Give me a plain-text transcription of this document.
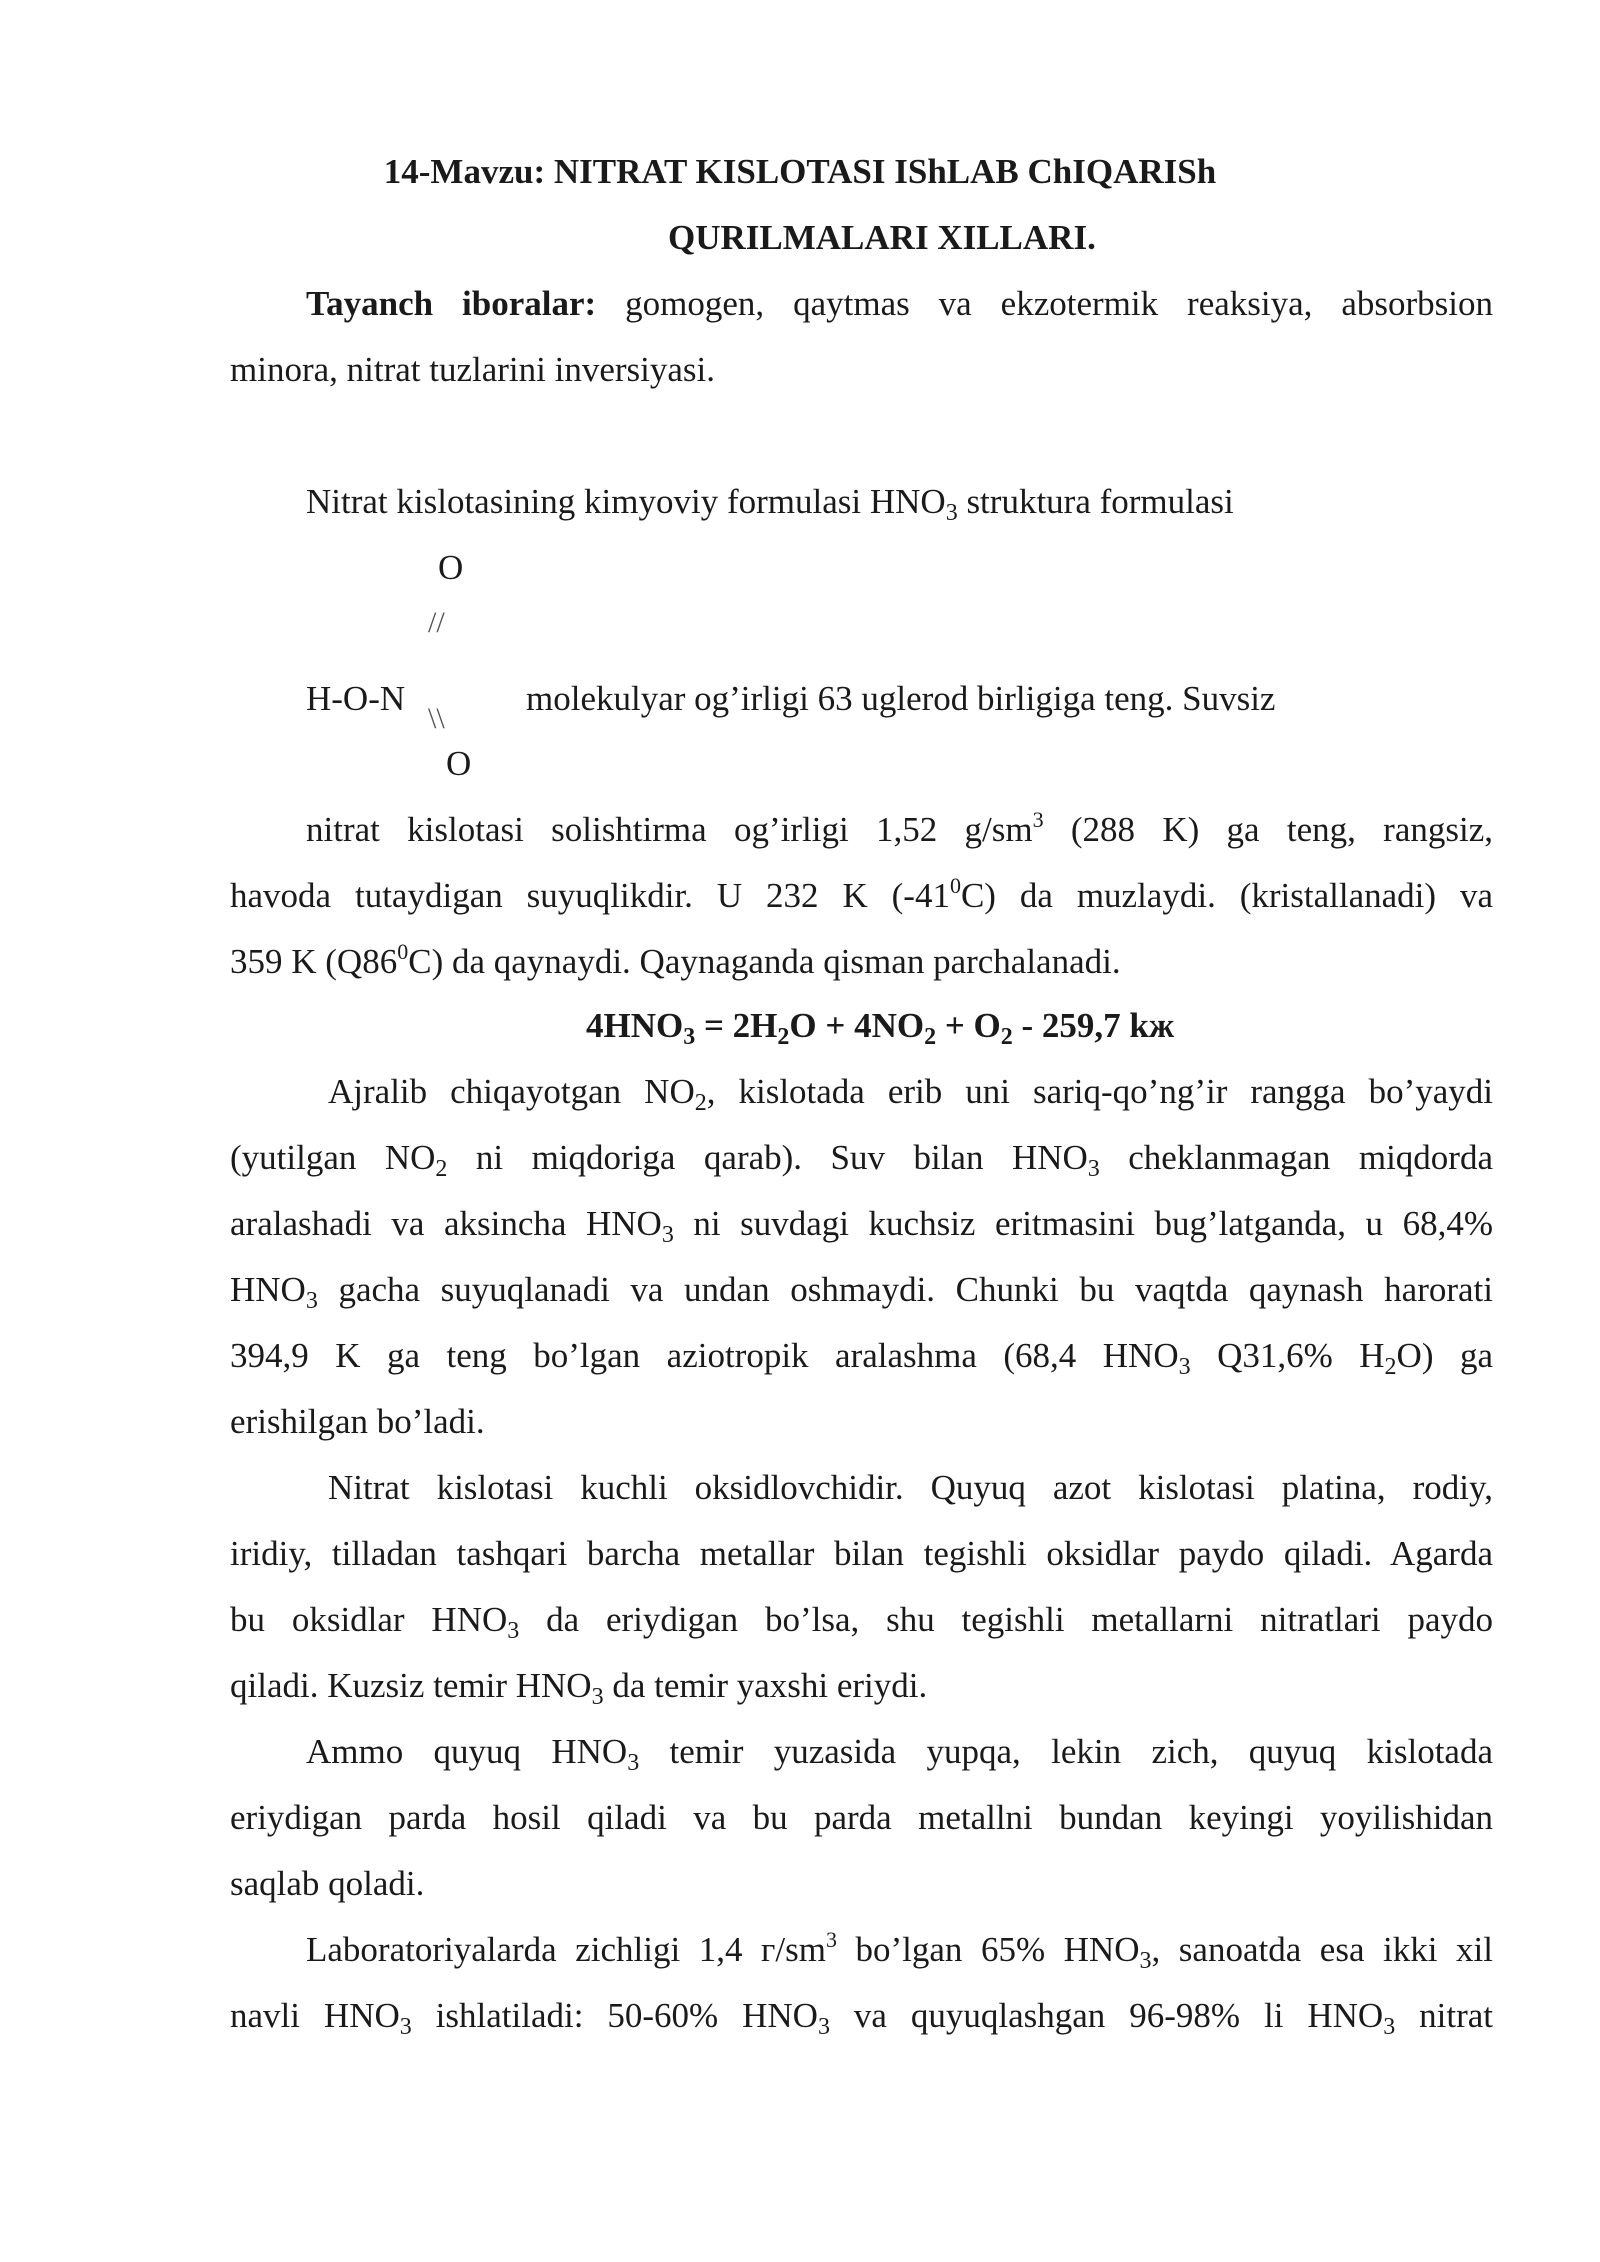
14-Mavzu: NITRAT KISLOTASI IShLAB ChIQARISh
QURILMALARI XILLARI.
Tayanch iboralar: gomogen, qaytmas va ekzotermik reaksiya, absorbsion
minora, nitrat tuzlarini inversiyasi.
Nitrat kislotasining kimyoviy formulasi $HNO_3$ struktura formulasi
O
//
H-O-N
\\
O
molekulyar og’irligi 63 uglerod birligiga teng. Suvsiz
nitrat kislotasi solishtirma og’irligi 1,52 $g/sm^3$ (288 K) ga teng, rangsiz,
havoda tutaydigan suyuqlikdir. U 232 K $(-41^0C)$ da muzlaydi. (kristallanadi) va
359 K $(Q86^0C)$ da qaynaydi. Qaynaganda qisman parchalanadi.
$4HNO_3 = 2H_2O + 4NO_2 + O_2 - 259,7$ kж
Ajralib chiqayotgan $NO_2$, kislotada erib uni sariq-qo’ng’ir rangga bo’yaydi
(yutilgan $NO_2$ ni miqdoriga qarab). Suv bilan $HNO_3$ cheklanmagan miqdorda
aralashadi va aksincha $HNO_3$ ni suvdagi kuchsiz eritmasini bug’latganda, u 68,4%
$HNO_3$ gacha suyuqlanadi va undan oshmaydi. Chunki bu vaqtda qaynash harorati
394,9 K ga teng bo’lgan aziotropik aralashma (68,4 $HNO_3$ Q31,6% $H_2O$) ga
erishilgan bo’ladi.
Nitrat kislotasi kuchli oksidlovchidir. Quyuq azot kislotasi platina, rodiy,
iridiy, tilladan tashqari barcha metallar bilan tegishli oksidlar paydo qiladi. Agarda
bu oksidlar $HNO_3$ da eriydigan bo’lsa, shu tegishli metallarni nitratlari paydo
qiladi. Kuzsiz temir $HNO_3$ da temir yaxshi eriydi.
Ammo quyuq $HNO_3$ temir yuzasida yupqa, lekin zich, quyuq kislotada
eriydigan parda hosil qiladi va bu parda metallni bundan keyingi yoyilishidan
saqlab qoladi.
Laboratoriyalarda zichligi 1,4 $г/sm^3$ bo’lgan 65% $HNO_3$, sanoatda esa ikki xil
navli $HNO_3$ ishlatiladi: 50-60% $HNO_3$ va quyuqlashgan 96-98% li $HNO_3$ nitrat
